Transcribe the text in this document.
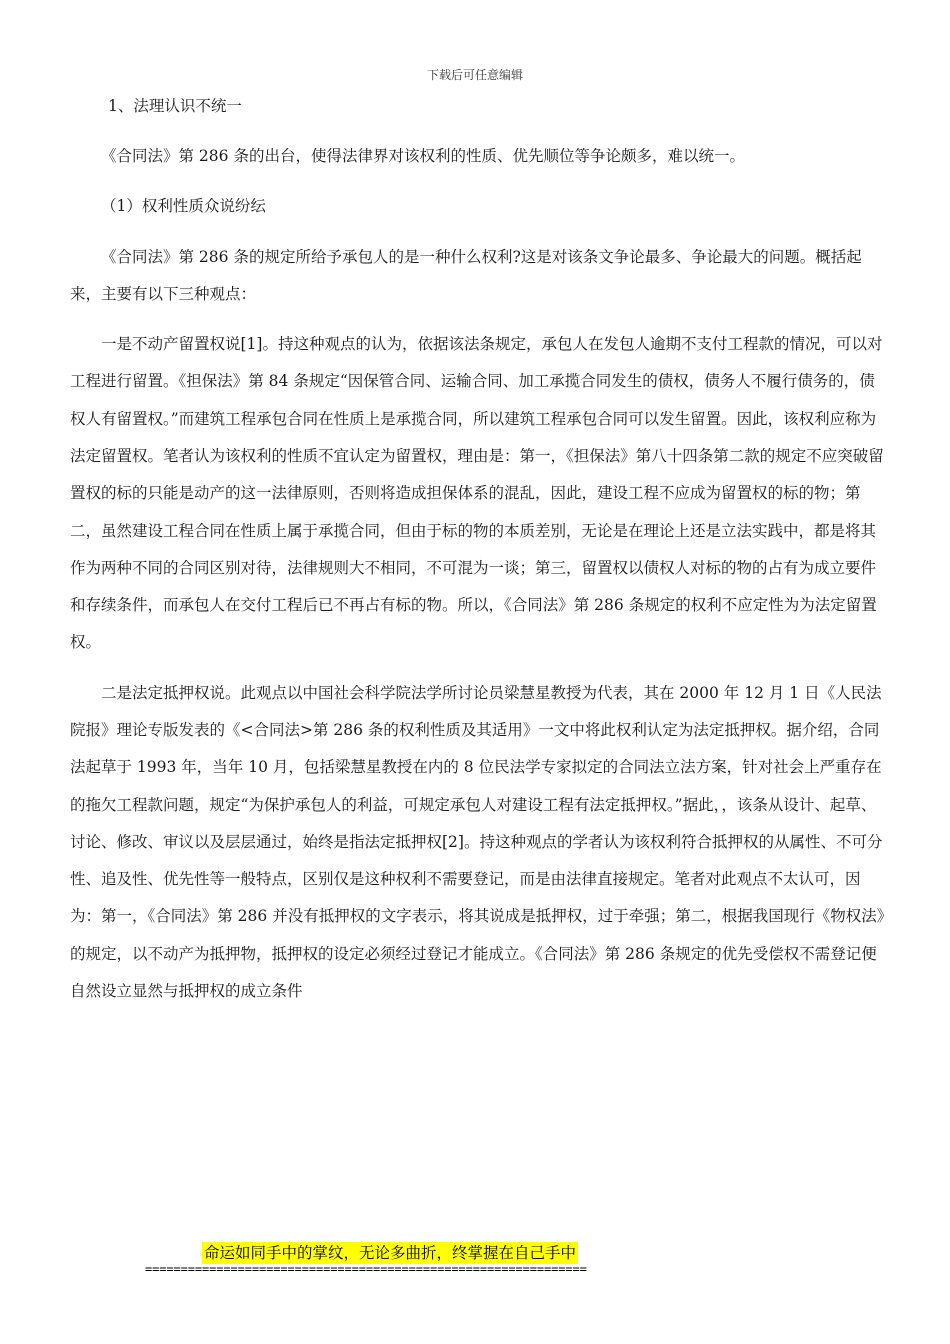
下载后可任意编辑

1、法理认识不统一

《合同法》第 286 条的出台，使得法律界对该权利的性质、优先顺位等争论颇多，难以统一。

（1）权利性质众说纷纭

《合同法》第 286 条的规定所给予承包人的是一种什么权利?这是对该条文争论最多、争论最大的问题。概括起来，主要有以下三种观点：

一是不动产留置权说[1]。持这种观点的认为，依据该法条规定，承包人在发包人逾期不支付工程款的情况，可以对工程进行留置。《担保法》第 84 条规定“因保管合同、运输合同、加工承揽合同发生的债权，债务人不履行债务的，债权人有留置权。”而建筑工程承包合同在性质上是承揽合同，所以建筑工程承包合同可以发生留置。因此，该权利应称为法定留置权。笔者认为该权利的性质不宜认定为留置权，理由是：第一，《担保法》第八十四条第二款的规定不应突破留置权的标的只能是动产的这一法律原则，否则将造成担保体系的混乱，因此，建设工程不应成为留置权的标的物；第二，虽然建设工程合同在性质上属于承揽合同，但由于标的物的本质差别，无论是在理论上还是立法实践中，都是将其作为两种不同的合同区别对待，法律规则大不相同，不可混为一谈；第三，留置权以债权人对标的物的占有为成立要件和存续条件，而承包人在交付工程后已不再占有标的物。所以，《合同法》第 286 条规定的权利不应定性为为法定留置权。

二是法定抵押权说。此观点以中国社会科学院法学所讨论员梁慧星教授为代表，其在 2000 年 12 月 1 日《人民法院报》理论专版发表的《<合同法>第 286 条的权利性质及其适用》一文中将此权利认定为法定抵押权。据介绍，合同法起草于 1993 年，当年 10 月，包括梁慧星教授在内的 8 位民法学专家拟定的合同法立法方案，针对社会上严重存在的拖欠工程款问题，规定“为保护承包人的利益，可规定承包人对建设工程有法定抵押权。”据此，，该条从设计、起草、讨论、修改、审议以及层层通过，始终是指法定抵押权[2]。持这种观点的学者认为该权利符合抵押权的从属性、不可分性、追及性、优先性等一般特点，区别仅是这种权利不需要登记，而是由法律直接规定。笔者对此观点不太认可，因为：第一，《合同法》第 286 并没有抵押权的文字表示，将其说成是抵押权，过于牵强；第二，根据我国现行《物权法》的规定，以不动产为抵押物，抵押权的设定必须经过登记才能成立。《合同法》第 286 条规定的优先受偿权不需登记便自然设立显然与抵押权的成立条件

命运如同手中的掌纹，无论多曲折，终掌握在自己手中
==============================================================
